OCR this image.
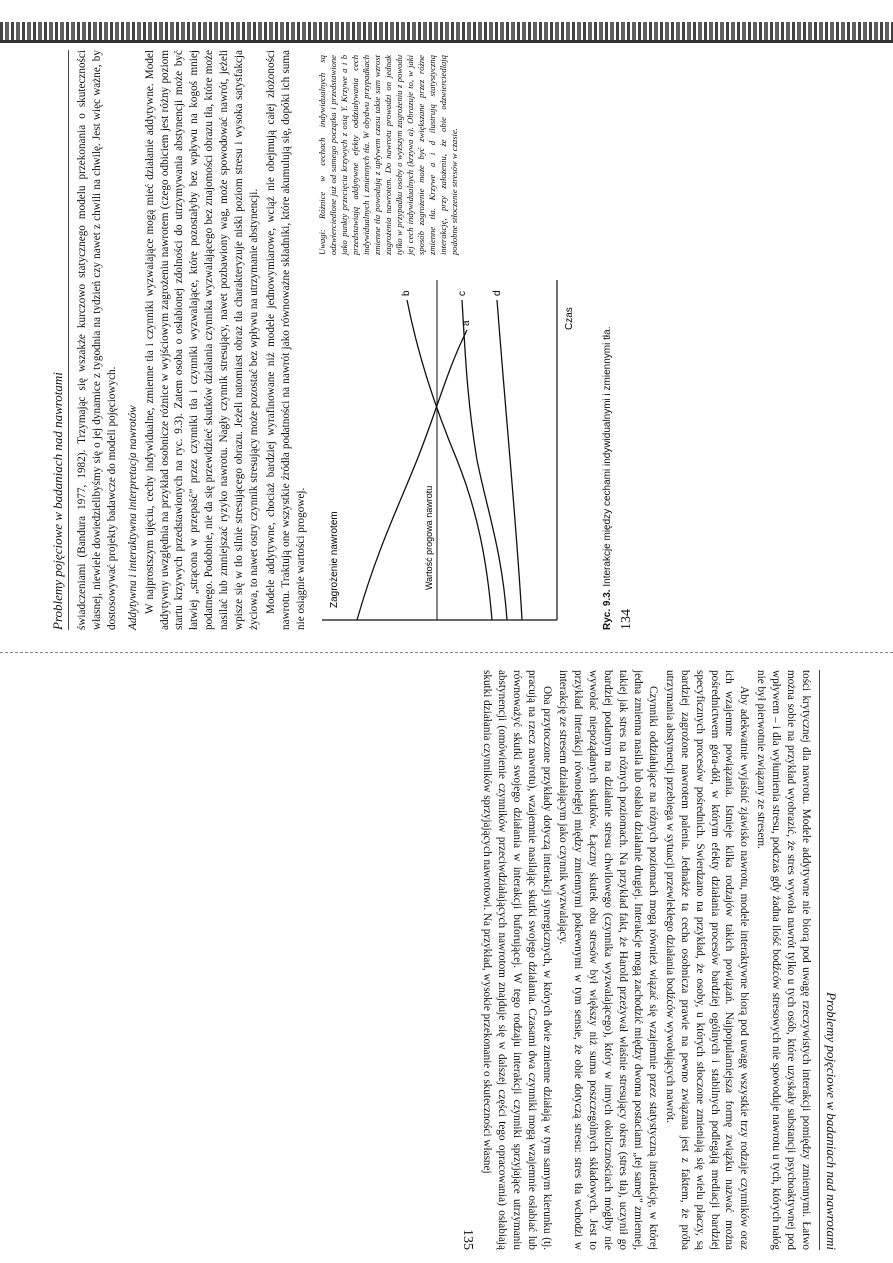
Problemy pojęciowe w badaniach nad nawrotami świadczeniami (Bandura 1977, 1982). Trzymając się wszakże kurczowo statycznego modelu przekonania o skuteczności własnej, niewiele dowiedzielibyśmy się o jej dynamice z tygodnia na tydzień czy nawet z chwili na chwilę. Jest więc ważne, by dostosowywać projekty badawcze do modeli pojęciowych. Addytywna i interaktywna interpretacja nawrotów W najprostszym ujęciu, cechy indywidualne, zmienne tła i czynniki wyzwalające mogą mieć działanie addytywne. Model addytywny uwzględnia na przykład osobnicze różnice w wyjściowym zagrożeniu nawrotem (czego odbiciem jest różny poziom startu krzywych przedstawionych na ryc. 9.3). Zatem osoba o osłabionej zdolności do utrzymywania abstynencji może być łatwiej „strącona w przepaść” przez czynniki tła i czynniki wyzwalające, które pozostałyby bez wpływu na kogoś mniej podatnego. Podobnie, nie da się przewidzieć skutków działania czynnika wyzwalającego bez znajomości obrazu tła, które może nasilać lub zmniejszać ryzyko nawrotu. Nagły czynnik stresujący, nawet pozbawiony wag, może spowodować nawrót, jeżeli wpisze się w tło silnie stresującego obrazu. Jeżeli natomiast obraz tła charakteryzuje niski poziom stresu i wysoka satysfakcja życiowa, to nawet ostry czynnik stresujący może pozostać bez wpływu na utrzymanie abstynencji. Modele addytywne, chociaż bardziej wyrafinowane niż modele jednowymiarowe, wciąż nie obejmują całej złożoności nawrotu. Traktują one wszystkie źródła podatności na nawrót jako równoważne składniki, które akumulują się, dopóki ich suma nie osiągnie wartości progowej. Zagrożenie nawrotem
Czas
Wartość progowa nawrotu
a
b	c d
Uwagi: Różnice w cechach indywidualnych są odzwierciedlone już od samego początku i przedstawione jako punkty przecięcia krzywych z osią Y. Krzywe a i b przedstawiają addytywne efekty oddziaływania cech indywidualnych i zmiennych tła. W obydwu przypadkach zmienne tła powodują z upływem czasu takie sam wzrost zagrożenia nawrotem. Do nawrotu prowadzi on jednak tylko w przypadku osoby o wyższym zagrożeniu z powodu jej cech indywidualnych (krzywa a). Obrazuje to, w jaki sposób zagrożenie może być zwiększane przez różne zmienne tła. Krzywe a i d ilustrują statystyczną interakcję, przy założeniu, że obie odzwierciedlają podobne stłoczenie stresów w czasie.
Ryc. 9.3. Interakcje między cechami indywidualnymi i zmiennymi tła.
134
Problemy pojęciowe w badaniach nad nawrotami

tości krytycznej dla nawrotu. Modele addytywne nie biorą pod uwagę rzeczywistych interakcji pomiędzy zmiennymi. Łatwo można sobie na przykład wyobrazić, że stres wywoła nawrót tylko u tych osób, które uzyskały substancji psychoaktywnej pod wpływem – i dla wyłumienia stresu, podczas gdy żadna ilość bodźców stresowych nie spowoduje nawrotu u tych, których nałóg nie był pierwotnie związany ze stresem.

Aby adekwatnie wyjaśnić zjawisko nawrotu, modele interaktywne biorą pod uwagę wszystkie trzy rodzaje czynników oraz ich wzajemne powiązania. Istnieje kilka rodzajów takich powiązań. Najpopularniejsza formę związku nazwać można pośrednictwem góra-dół, w którym efekty działania procesów bardziej ogólnych i stabilnych podlegają mediacji bardziej specyficznych procesów pośrednich. Swierdzano na przykład, że osoby, u których stłoczone zmieniają się wielu płaczy, są bardziej zagrożone nawrotem palenia. Jednakże ta cecha osobnicza prawie na pewno związana jest z faktem, że próba utrzymania abstynencji przebiega w sytuacji przewlekłego działania bodźców wywołujących nawrót.

Czynniki oddziałujące na różnych poziomach mogą również wiązać się wzajemnie przez statystyczną interakcję, w której jedna zmienna nasila lub osłabia działanie drugiej. Interakcje mogą zachodzić między dwoma postaciami „tej samej” zmiennej, takiej jak stres na różnych poziomach. Na przykład fakt, że Harold przeżywał właśnie stresujący okres (stres tła), uczynił go bardziej podatnym na działanie stresu chwilowego (czynnika wyzwalającego), który w innych okolicznościach mógłby nie wywołać niepożądanych skutków. Łączny skutek obu stresów był większy niż suma poszczególnych składowych. Jest to przykład interakcji równoległej między zmiennymi pokrewnymi w tym sensie, że obie dotyczą stresu: stres tła wchodzi w interakcję ze stresem działającym jako czynnik wyzwalający.

Oba przytoczone przykłady dotyczą interakcji synergicznych, w których dwie zmienne działają w tym samym kierunku (tj. pracują na rzecz nawrotu), wzajemnie nasilając skutki swojego działania. Czasami dwa czynniki mogą wzajemnie osłabiać lub równoważyć skutki swojego działania w interakcji buforującej. W tego rodzaju interakcji czynniki sprzyjające utrzymaniu abstynencji (omówienie czynników przeciwdziałających nawrotom znajduje się w dalszej części tego opracowania) osłabiają skutki działania czynników sprzyjających nawrotowi. Na przykład, wysokie przekonanie o skuteczności własnej

135
